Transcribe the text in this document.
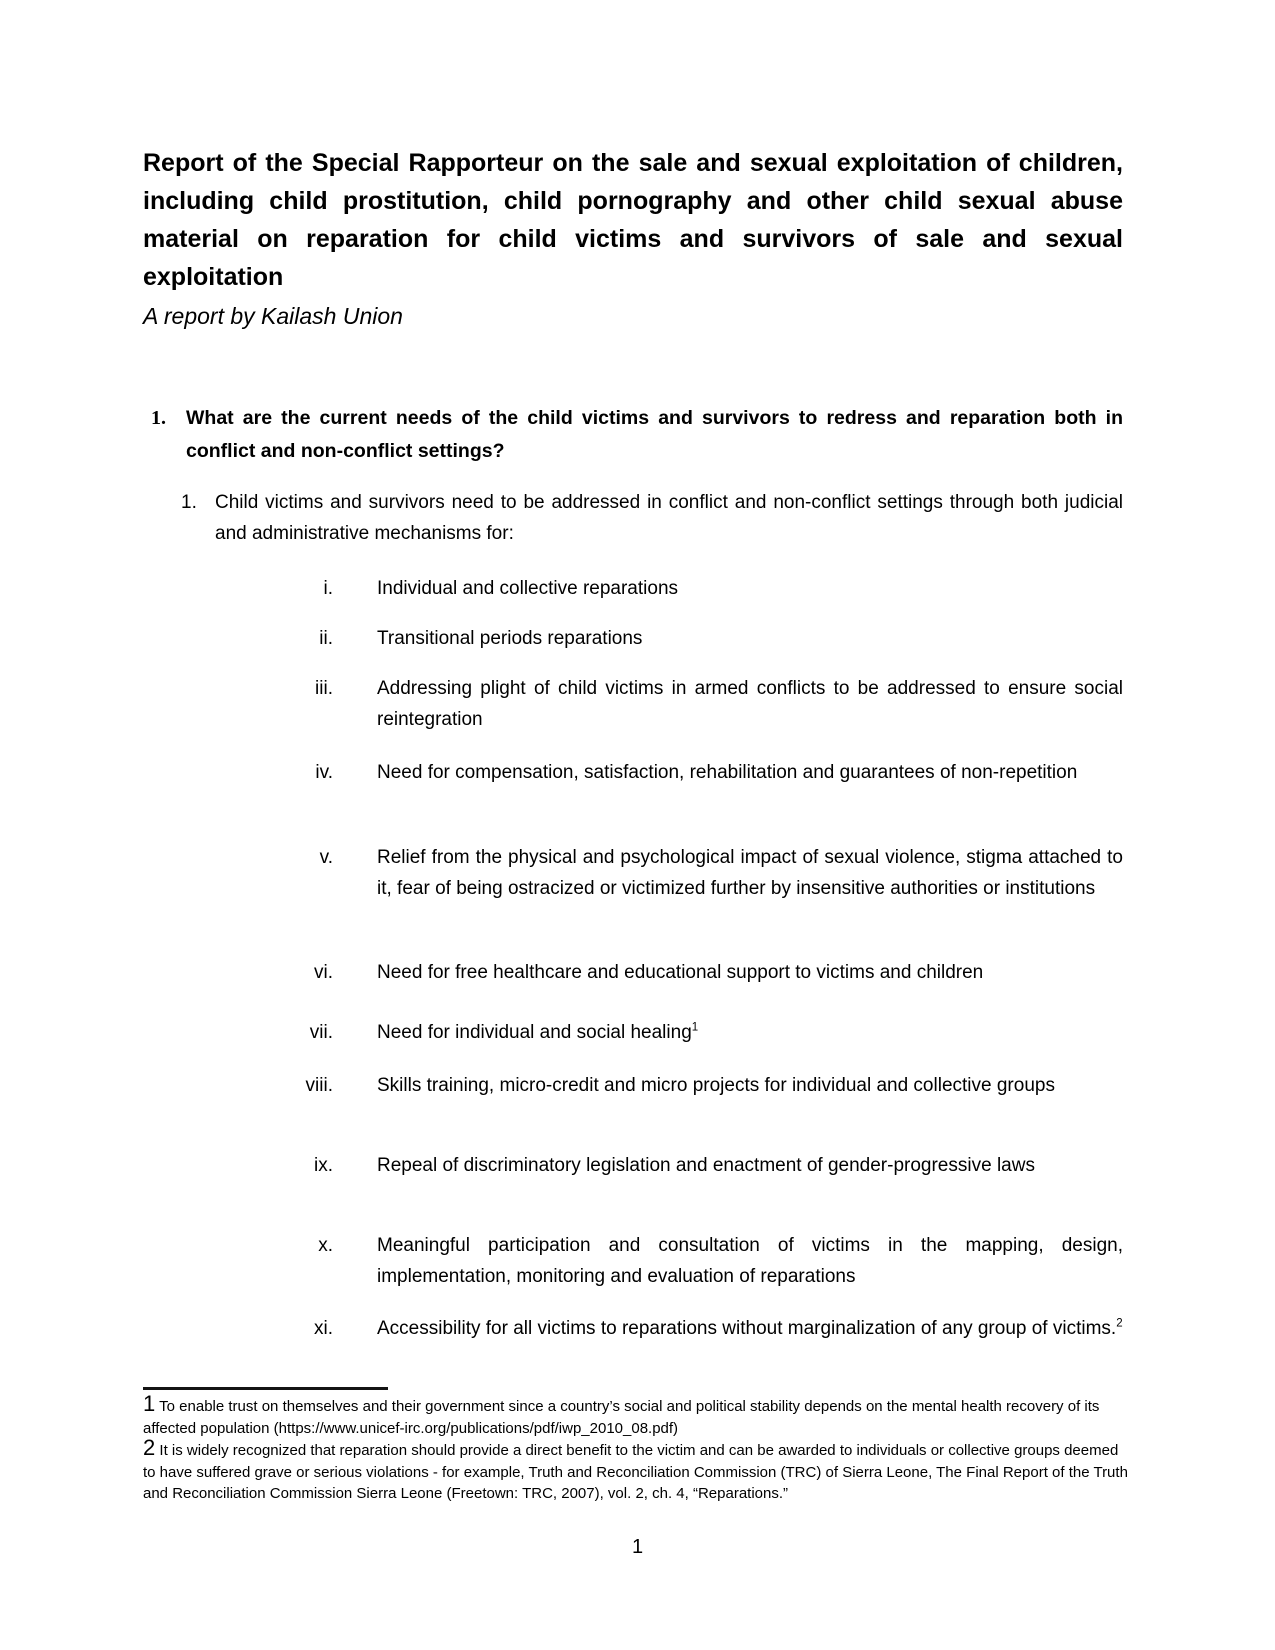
Report of the Special Rapporteur on the sale and sexual exploitation of children, including child prostitution, child pornography and other child sexual abuse material on reparation for child victims and survivors of sale and sexual exploitation

A report by Kailash Union

1.	What are the current needs of the child victims and survivors to redress and reparation both in conflict and non-conflict settings?

1. Child victims and survivors need to be addressed in conflict and non-conflict settings through both judicial and administrative mechanisms for:

i. Individual and collective reparations

ii. Transitional periods reparations

iii. Addressing plight of child victims in armed conflicts to be addressed to ensure social reintegration

iv. Need for compensation, satisfaction, rehabilitation and guarantees of non-repetition

v. Relief from the physical and psychological impact of sexual violence, stigma attached to it, fear of being ostracized or victimized further by insensitive authorities or institutions

vi. Need for free healthcare and educational support to victims and children

vii. Need for individual and social healing$^1$

viii. Skills training, micro-credit and micro projects for individual and collective groups

ix. Repeal of discriminatory legislation and enactment of gender-progressive laws

x. Meaningful participation and consultation of victims in the mapping, design, implementation, monitoring and evaluation of reparations

xi. Accessibility for all victims to reparations without marginalization of any group of victims.$^2$

1 To enable trust on themselves and their government since a country’s social and political stability depends on the mental health recovery of its affected population (https://www.unicef-irc.org/publications/pdf/iwp_2010_08.pdf)

2 It is widely recognized that reparation should provide a direct benefit to the victim and can be awarded to individuals or collective groups deemed to have suffered grave or serious violations - for example, Truth and Reconciliation Commission (TRC) of Sierra Leone, The Final Report of the Truth and Reconciliation Commission Sierra Leone (Freetown: TRC, 2007), vol. 2, ch. 4, “Reparations.”

1
